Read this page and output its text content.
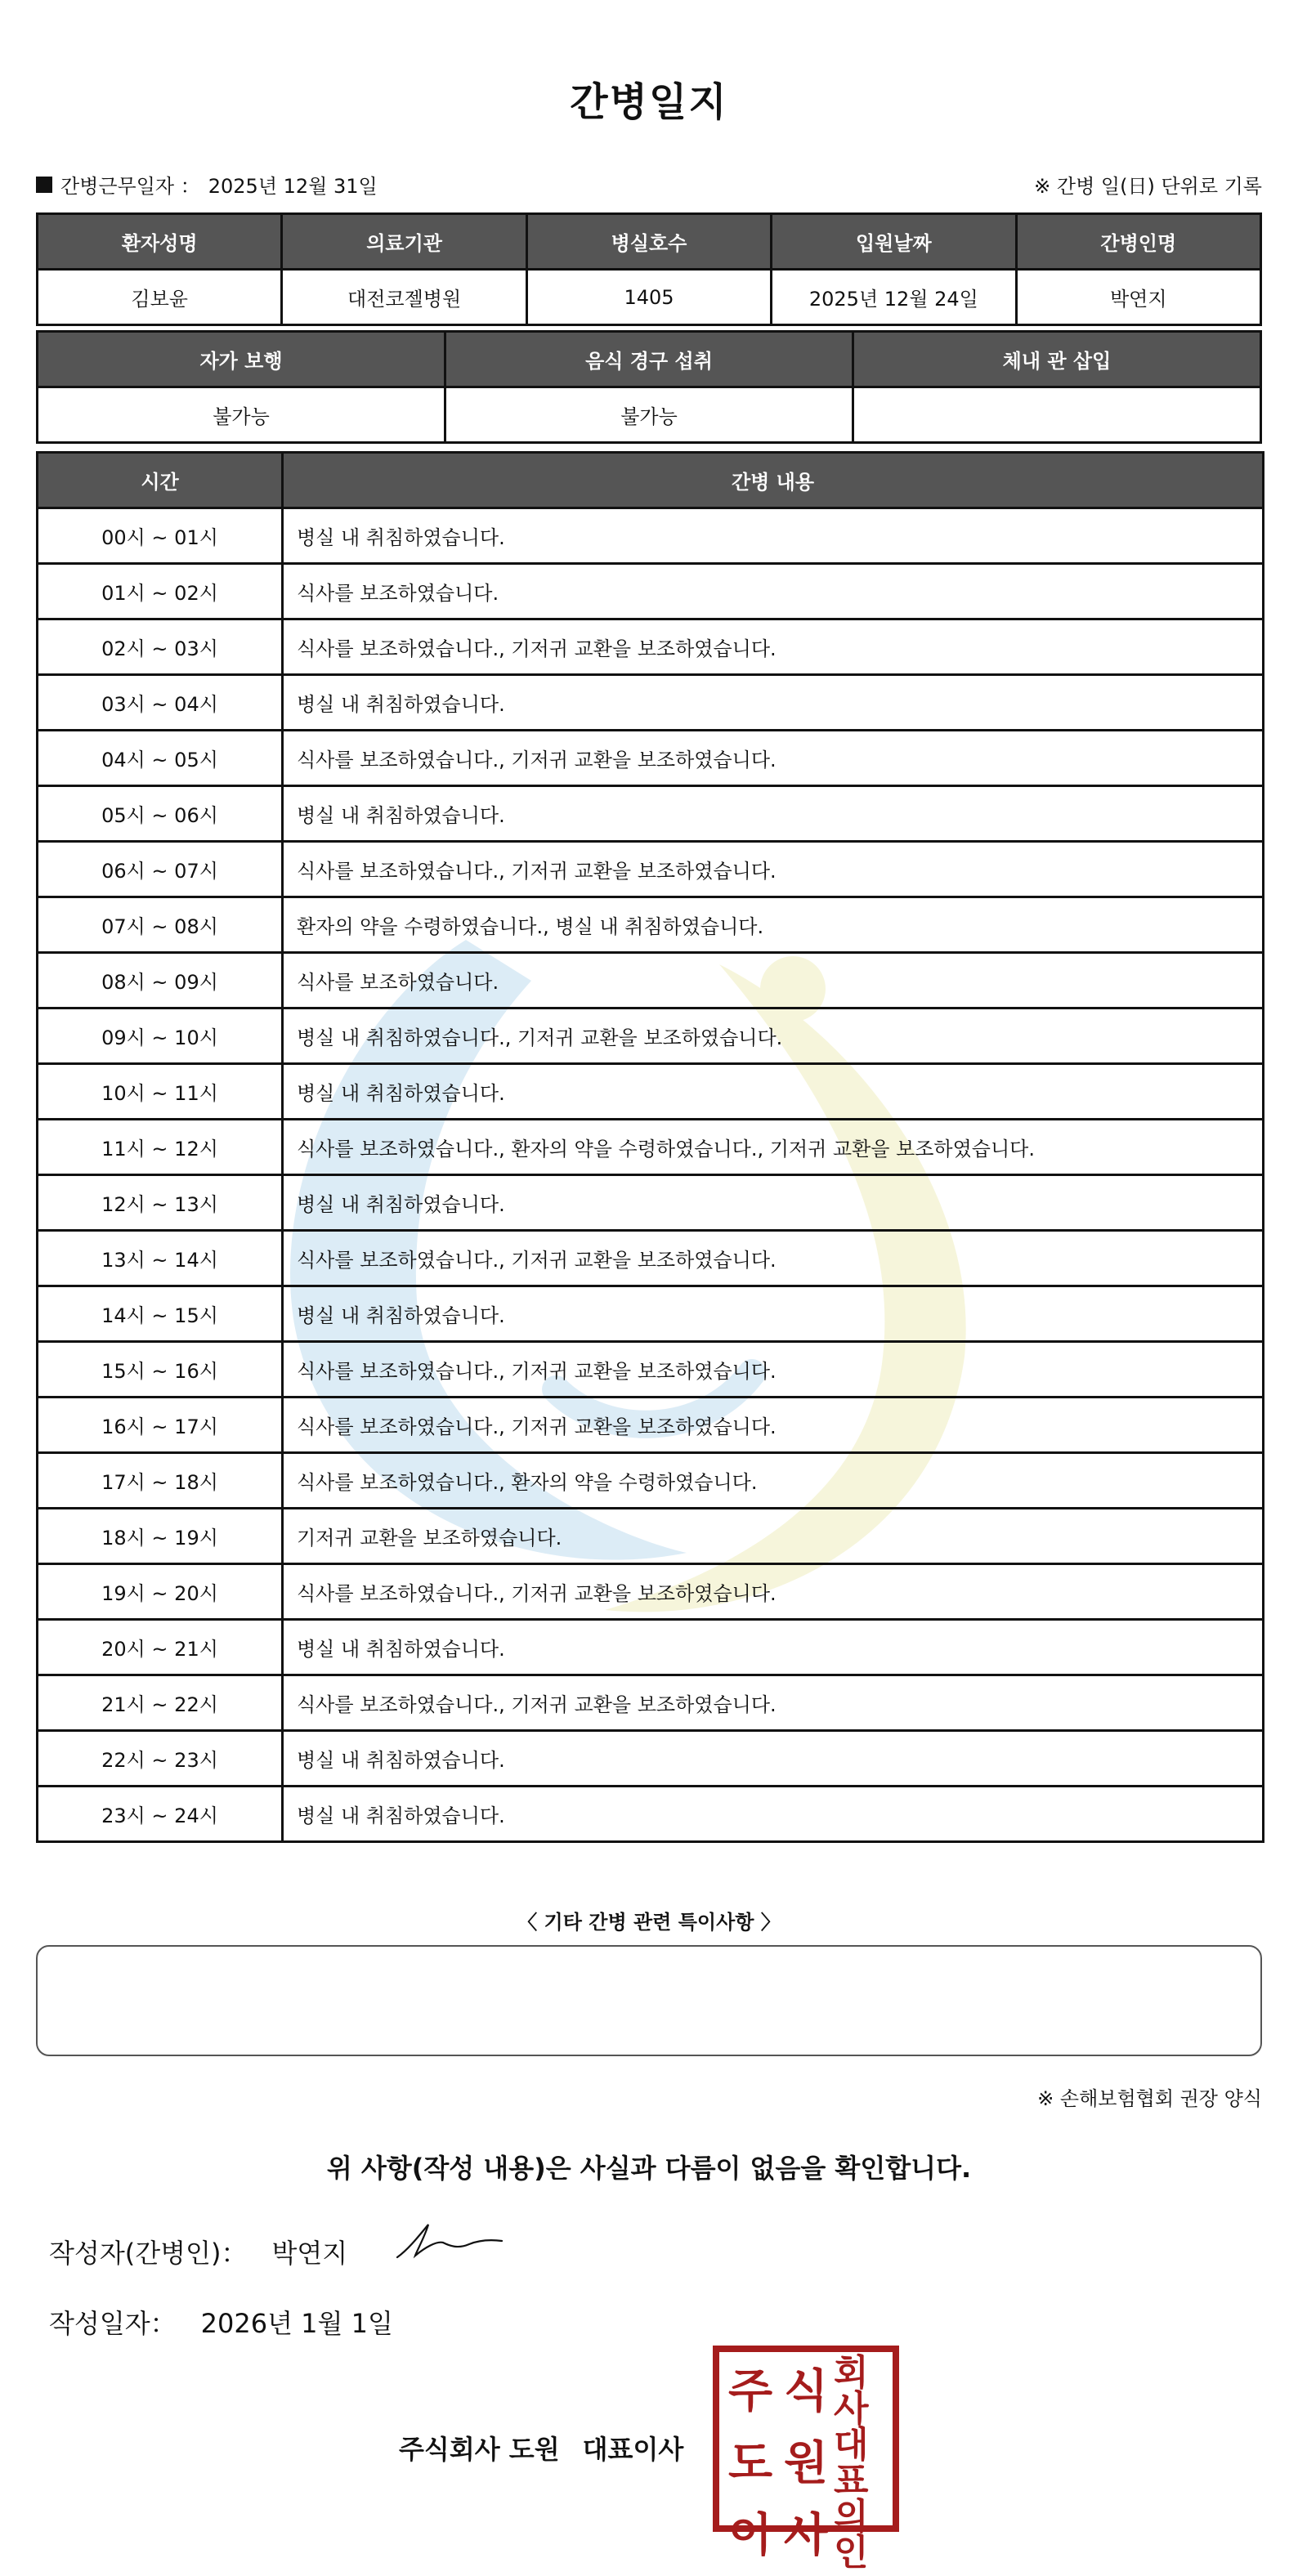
간병일지
간병근무일자 ： 2025년 12월 31일	※ 간병 일(日) 단위로 기록
환자성명	의료기관	병실호수	입원날짜	간병인명
김보윤	대전코젤병원	1405	2025년 12월 24일	박연지
자가 보행	음식 경구 섭취	체내 관 삽입
불가능	불가능	
시간	간병 내용
00시 ~ 01시	병실 내 취침하였습니다.
01시 ~ 02시	식사를 보조하였습니다.
02시 ~ 03시	식사를 보조하였습니다., 기저귀 교환을 보조하였습니다.
03시 ~ 04시	병실 내 취침하였습니다.
04시 ~ 05시	식사를 보조하였습니다., 기저귀 교환을 보조하였습니다.
05시 ~ 06시	병실 내 취침하였습니다.
06시 ~ 07시	식사를 보조하였습니다., 기저귀 교환을 보조하였습니다.
07시 ~ 08시	환자의 약을 수령하였습니다., 병실 내 취침하였습니다.
08시 ~ 09시	식사를 보조하였습니다.
09시 ~ 10시	병실 내 취침하였습니다., 기저귀 교환을 보조하였습니다.
10시 ~ 11시	병실 내 취침하였습니다.
11시 ~ 12시	식사를 보조하였습니다., 환자의 약을 수령하였습니다., 기저귀 교환을 보조하였습니다.
12시 ~ 13시	병실 내 취침하였습니다.
13시 ~ 14시	식사를 보조하였습니다., 기저귀 교환을 보조하였습니다.
14시 ~ 15시	병실 내 취침하였습니다.
15시 ~ 16시	식사를 보조하였습니다., 기저귀 교환을 보조하였습니다.
16시 ~ 17시	식사를 보조하였습니다., 기저귀 교환을 보조하였습니다.
17시 ~ 18시	식사를 보조하였습니다., 환자의 약을 수령하였습니다.
18시 ~ 19시	기저귀 교환을 보조하였습니다.
19시 ~ 20시	식사를 보조하였습니다., 기저귀 교환을 보조하였습니다.
20시 ~ 21시	병실 내 취침하였습니다.
21시 ~ 22시	식사를 보조하였습니다., 기저귀 교환을 보조하였습니다.
22시 ~ 23시	병실 내 취침하였습니다.
23시 ~ 24시	병실 내 취침하였습니다.
〈 기타 간병 관련 특이사항 〉
※ 손해보험협회 권장 양식
위 사항(작성 내용)은 사실과 다름이 없음을 확인합니다.
작성자(간병인)： 박연지
작성일자： 2026년 1월 1일
주식회사 도원 대표이사
주 식 회사
도 원 대표
이 사 의인
